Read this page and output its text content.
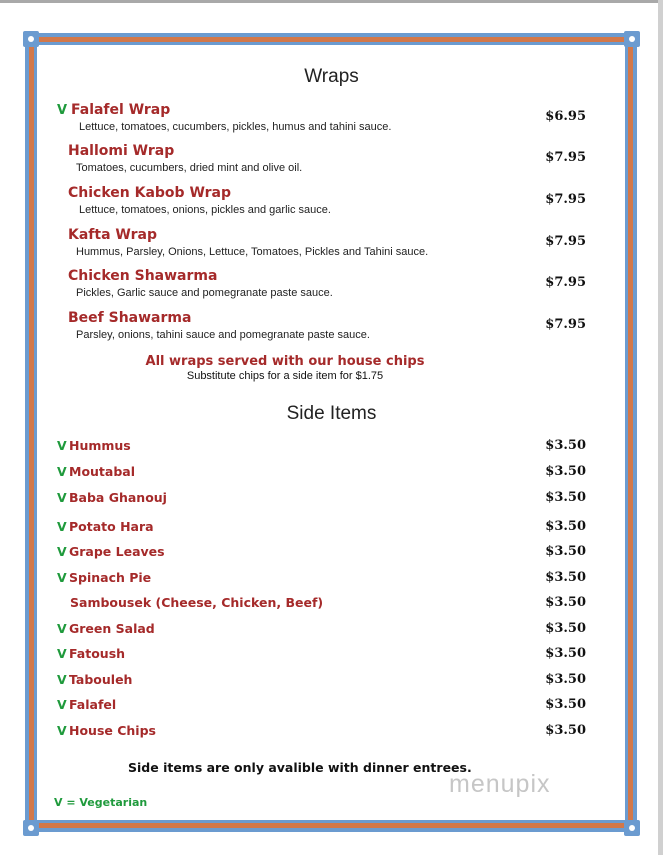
Wraps
V Falafel Wrap
Lettuce, tomatoes, cucumbers, pickles, humus and tahini sauce.
$6.95
Hallomi Wrap
Tomatoes, cucumbers, dried mint and olive oil.
$7.95
Chicken Kabob Wrap
Lettuce, tomatoes, onions, pickles and garlic sauce.
$7.95
Kafta Wrap
Hummus, Parsley, Onions, Lettuce, Tomatoes, Pickles and Tahini sauce.
$7.95
Chicken Shawarma
Pickles, Garlic sauce and pomegranate paste sauce.
$7.95
Beef Shawarma
Parsley, onions, tahini sauce and pomegranate paste sauce.
$7.95
All wraps served with our house chips
Substitute chips for a side item for $1.75
Side Items
V Hummus	$3.50
V Moutabal	$3.50
V Baba Ghanouj	$3.50
V Potato Hara	$3.50
V Grape Leaves	$3.50
V Spinach Pie	$3.50
Sambousek (Cheese, Chicken, Beef)	$3.50
V Green Salad	$3.50
V Fatoush	$3.50
V Tabouleh	$3.50
V Falafel	$3.50
V House Chips	$3.50
Side items are only avalible with dinner entrees.
V = Vegetarian
menupix
